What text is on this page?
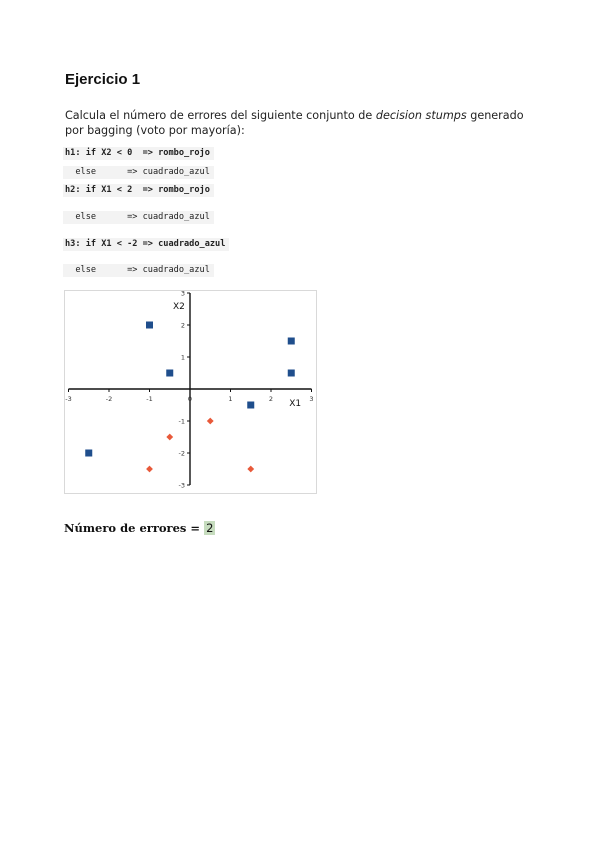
Ejercicio 1
Calcula el número de errores del siguiente conjunto de decision stumps generado por bagging (voto por mayoría):
h1: if X2 < 0  => rombo_rojo
else      => cuadrado_azul
h2: if X1 < 2  => rombo_rojo
else      => cuadrado_azul
h3: if X1 < -2 => cuadrado_azul
else      => cuadrado_azul
-3	-2	-1	0	1	2	3
-3
-2
-1
1
2
3
X1
X2
Número de errores = 2
